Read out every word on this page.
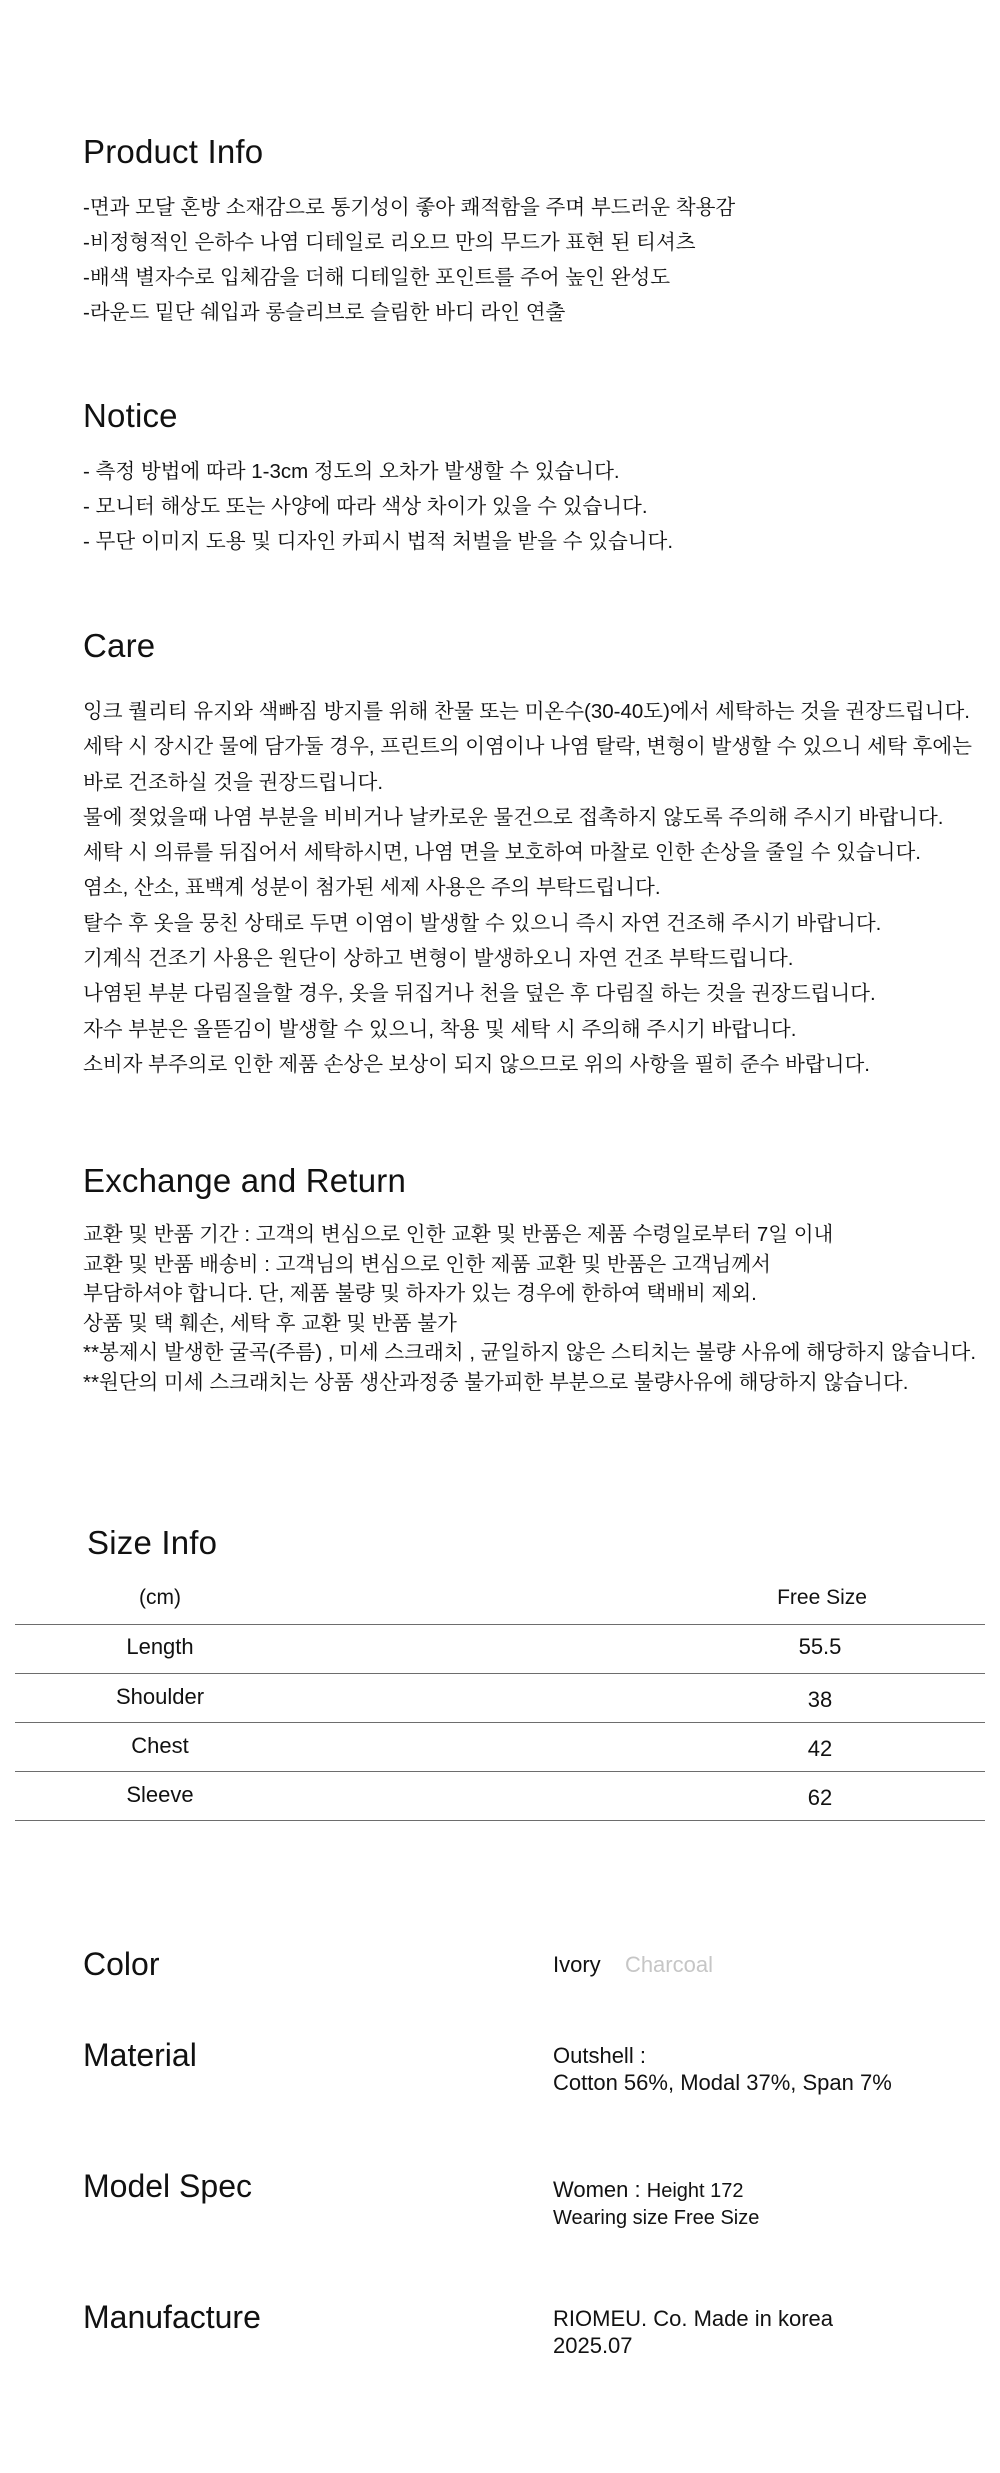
Product Info
-면과 모달 혼방 소재감으로 통기성이 좋아 쾌적함을 주며 부드러운 착용감
-비정형적인 은하수 나염 디테일로 리오므 만의 무드가 표현 된 티셔츠
-배색 별자수로 입체감을 더해 디테일한 포인트를 주어 높인 완성도
-라운드 밑단 쉐입과 롱슬리브로 슬림한 바디 라인 연출
Notice
- 측정 방법에 따라 1-3cm 정도의 오차가 발생할 수 있습니다.
- 모니터 해상도 또는 사양에 따라 색상 차이가 있을 수 있습니다.
- 무단 이미지 도용 및 디자인 카피시 법적 처벌을 받을 수 있습니다.
Care
잉크 퀄리티 유지와 색빠짐 방지를 위해 찬물 또는 미온수(30-40도)에서 세탁하는 것을 권장드립니다.
세탁 시 장시간 물에 담가둘 경우, 프린트의 이염이나 나염 탈락, 변형이 발생할 수 있으니 세탁 후에는
바로 건조하실 것을 권장드립니다.
물에 젖었을때 나염 부분을 비비거나 날카로운 물건으로 접촉하지 않도록 주의해 주시기 바랍니다.
세탁 시 의류를 뒤집어서 세탁하시면, 나염 면을 보호하여 마찰로 인한 손상을 줄일 수 있습니다.
염소, 산소, 표백계 성분이 첨가된 세제 사용은 주의 부탁드립니다.
탈수 후 옷을 뭉친 상태로 두면 이염이 발생할 수 있으니 즉시 자연 건조해 주시기 바랍니다.
기계식 건조기 사용은 원단이 상하고 변형이 발생하오니 자연 건조 부탁드립니다.
나염된 부분 다림질을할 경우, 옷을 뒤집거나 천을 덮은 후 다림질 하는 것을 권장드립니다.
자수 부분은 올뜯김이 발생할 수 있으니, 착용 및 세탁 시 주의해 주시기 바랍니다.
소비자 부주의로 인한 제품 손상은 보상이 되지 않으므로 위의 사항을 필히 준수 바랍니다.
Exchange and Return
교환 및 반품 기간 : 고객의 변심으로 인한 교환 및 반품은 제품 수령일로부터 7일 이내
교환 및 반품 배송비 : 고객님의 변심으로 인한 제품 교환 및 반품은 고객님께서
부담하셔야 합니다. 단, 제품 불량 및 하자가 있는 경우에 한하여 택배비 제외.
상품 및 택 훼손, 세탁 후 교환 및 반품 불가
**봉제시 발생한 굴곡(주름) , 미세 스크래치 , 균일하지 않은 스티치는 불량 사유에 해당하지 않습니다.
**원단의 미세 스크래치는 상품 생산과정중 불가피한 부분으로 불량사유에 해당하지 않습니다.
Size Info
(cm)	Free Size
Length	55.5
Shoulder	38
Chest	42
Sleeve	62
Color	Ivory Charcoal
Material	Outshell :
Cotton 56%, Modal 37%, Span 7%
Model Spec	Women : Height 172
Wearing size Free Size
Manufacture	RIOMEU. Co. Made in korea
2025.07
